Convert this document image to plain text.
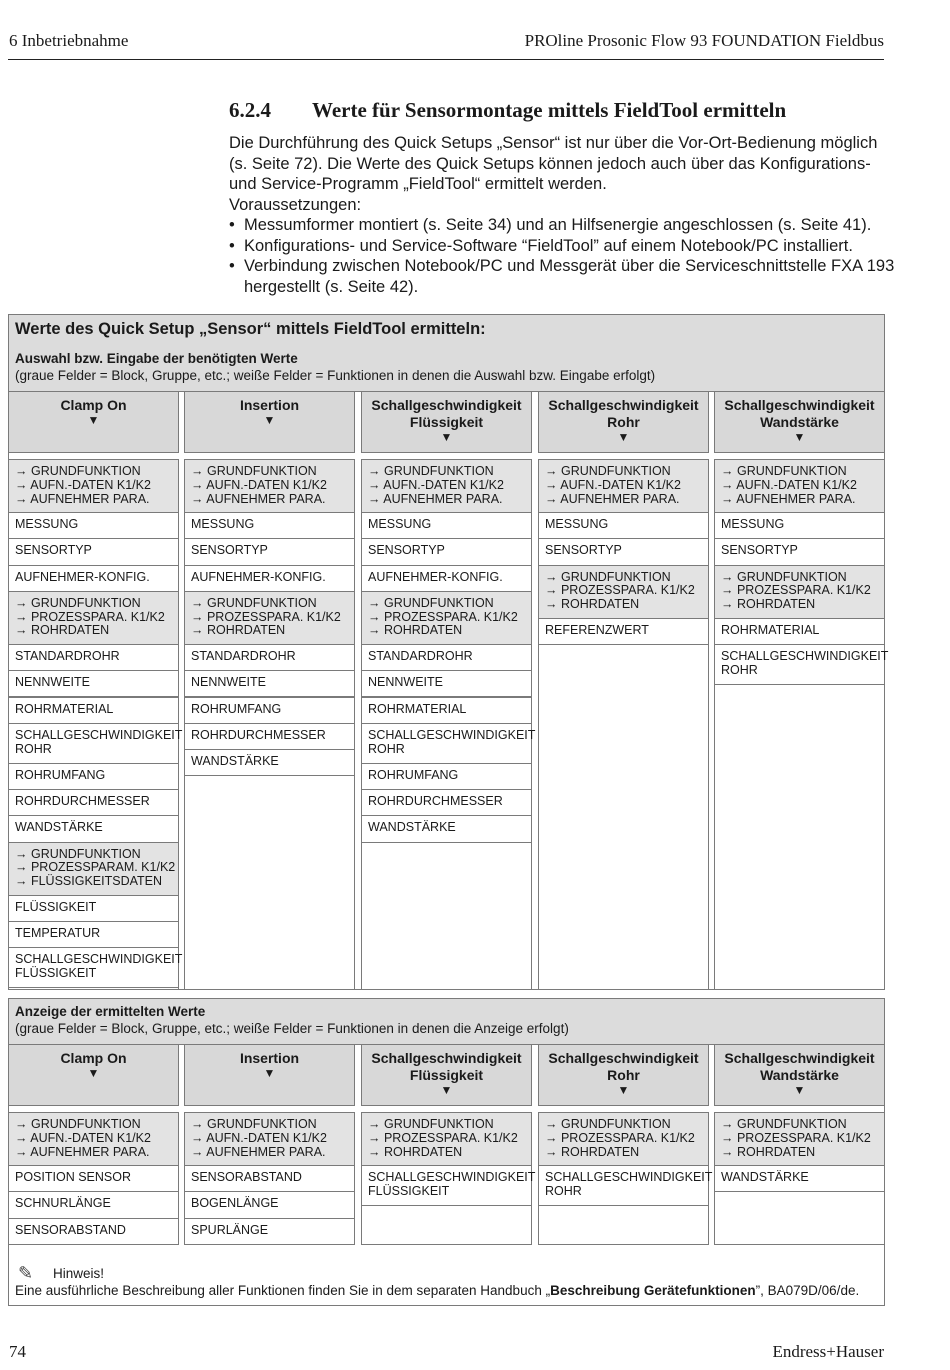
6 Inbetriebnahme	PROline Prosonic Flow 93 FOUNDATION Fieldbus
6.2.4 Werte für Sensormontage mittels FieldTool ermitteln

Die Durchführung des Quick Setups „Sensor“ ist nur über die Vor-Ort-Bedienung möglich (s. Seite 72). Die Werte des Quick Setups können jedoch auch über das Konfigurations- und Service-Programm „FieldTool“ ermittelt werden.

Voraussetzungen:

• Messumformer montiert (s. Seite 34) und an Hilfsenergie angeschlossen (s. Seite 41).
• Konfigurations- und Service-Software “FieldTool” auf einem Notebook/PC installiert.
• Verbindung zwischen Notebook/PC und Messgerät über die Serviceschnittstelle FXA 193 hergestellt (s. Seite 42).
Werte des Quick Setup „Sensor“ mittels FieldTool ermitteln:
Auswahl bzw. Eingabe der benötigten Werte
(graue Felder = Block, Gruppe, etc.; weiße Felder = Funktionen in denen die Auswahl bzw. Eingabe erfolgt)
Anzeige der ermittelten Werte
(graue Felder = Block, Gruppe, etc.; weiße Felder = Funktionen in denen die Anzeige erfolgt)
Clamp On

▼
→ GRUNDFUNKTION
→ AUFN.-DATEN K1/K2
→ AUFNEHMER PARA.
MESSUNG
SENSORTYP
AUFNEHMER-KONFIG.
→ GRUNDFUNKTION
→ PROZESSPARA. K1/K2
→ ROHRDATEN
STANDARDROHR
NENNWEITE
ROHRMATERIAL
SCHALLGESCHWINDIGKEIT
ROHR
ROHRUMFANG
ROHRDURCHMESSER
WANDSTÄRKE
→ GRUNDFUNKTION
→ PROZESSPARAM. K1/K2
→ FLÜSSIGKEITSDATEN
FLÜSSIGKEIT
TEMPERATUR
SCHALLGESCHWINDIGKEIT
FLÜSSIGKEIT
Insertion

▼
→ GRUNDFUNKTION
→ AUFN.-DATEN K1/K2
→ AUFNEHMER PARA.
MESSUNG
SENSORTYP
AUFNEHMER-KONFIG.
→ GRUNDFUNKTION
→ PROZESSPARA. K1/K2
→ ROHRDATEN
STANDARDROHR
NENNWEITE
ROHRUMFANG
ROHRDURCHMESSER
WANDSTÄRKE
Schallgeschwindigkeit
Flüssigkeit
▼
→ GRUNDFUNKTION
→ AUFN.-DATEN K1/K2
→ AUFNEHMER PARA.
MESSUNG
SENSORTYP
AUFNEHMER-KONFIG.
→ GRUNDFUNKTION
→ PROZESSPARA. K1/K2
→ ROHRDATEN
STANDARDROHR
NENNWEITE
ROHRMATERIAL
SCHALLGESCHWINDIGKEIT
ROHR
ROHRUMFANG
ROHRDURCHMESSER
WANDSTÄRKE
Schallgeschwindigkeit
Rohr
▼
→ GRUNDFUNKTION
→ AUFN.-DATEN K1/K2
→ AUFNEHMER PARA.
MESSUNG
SENSORTYP
→ GRUNDFUNKTION
→ PROZESSPARA. K1/K2
→ ROHRDATEN
REFERENZWERT
Schallgeschwindigkeit
Wandstärke
▼
→ GRUNDFUNKTION
→ AUFN.-DATEN K1/K2
→ AUFNEHMER PARA.
MESSUNG
SENSORTYP
→ GRUNDFUNKTION
→ PROZESSPARA. K1/K2
→ ROHRDATEN
ROHRMATERIAL
SCHALLGESCHWINDIGKEIT
ROHR
Clamp On

▼
→ GRUNDFUNKTION
→ AUFN.-DATEN K1/K2
→ AUFNEHMER PARA.
POSITION SENSOR
SCHNURLÄNGE
SENSORABSTAND
Insertion

▼
→ GRUNDFUNKTION
→ AUFN.-DATEN K1/K2
→ AUFNEHMER PARA.
SENSORABSTAND
BOGENLÄNGE
SPURLÄNGE
Schallgeschwindigkeit
Flüssigkeit
▼
→ GRUNDFUNKTION
→ PROZESSPARA. K1/K2
→ ROHRDATEN
SCHALLGESCHWINDIGKEIT
FLÜSSIGKEIT
Schallgeschwindigkeit
Rohr
▼
→ GRUNDFUNKTION
→ PROZESSPARA. K1/K2
→ ROHRDATEN
SCHALLGESCHWINDIGKEIT
ROHR
Schallgeschwindigkeit
Wandstärke
▼
→ GRUNDFUNKTION
→ PROZESSPARA. K1/K2
→ ROHRDATEN
WANDSTÄRKE
✎ Hinweis!
Eine ausführliche Beschreibung aller Funktionen finden Sie in dem separaten Handbuch „Beschreibung Gerätefunktionen”, BA079D/06/de.
74	Endress+Hauser
